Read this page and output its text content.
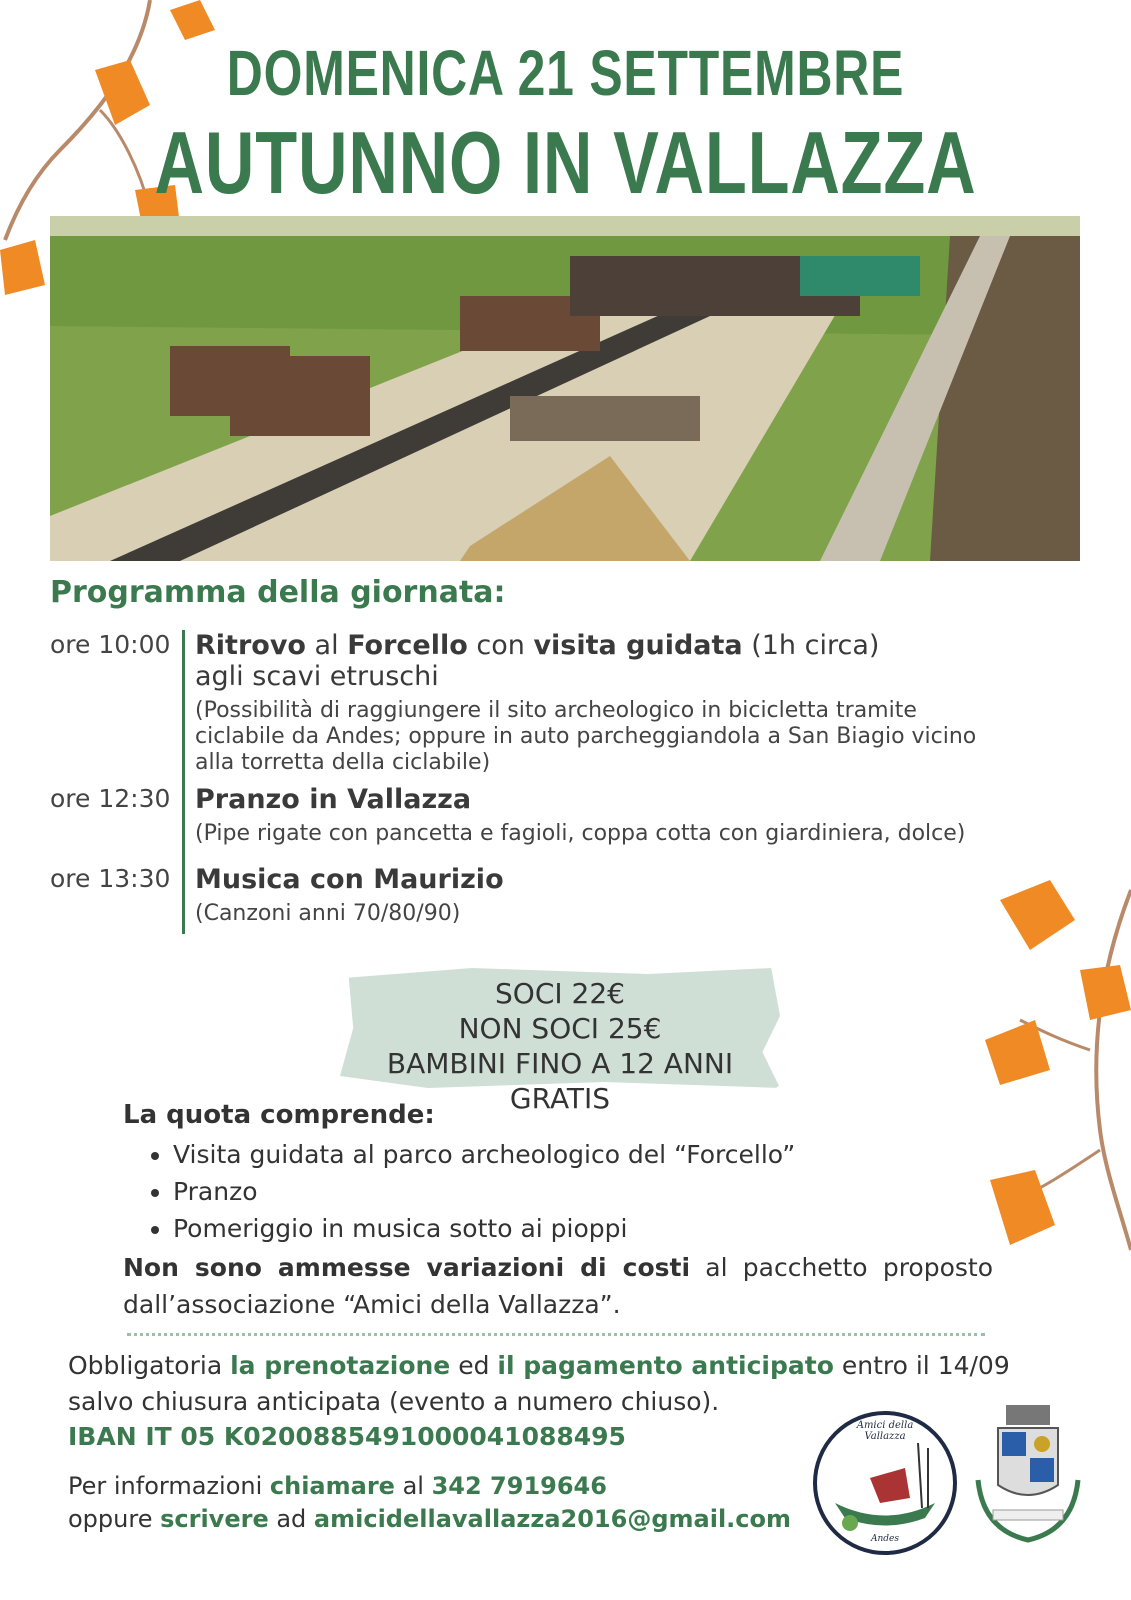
DOMENICA 21 SETTEMBRE
AUTUNNO IN VALLAZZA
Programma della giornata:
ore 10:00 Ritrovo al Forcello con visita guidata (1h circa)
agli scavi etruschi
(Possibilità di raggiungere il sito archeologico in bicicletta tramite ciclabile da Andes; oppure in auto parcheggiandola a San Biagio vicino alla torretta della ciclabile)
ore 12:30 Pranzo in Vallazza
(Pipe rigate con pancetta e fagioli, coppa cotta con giardiniera, dolce)
ore 13:30 Musica con Maurizio
(Canzoni anni 70/80/90)
SOCI 22€
NON SOCI 25€
BAMBINI FINO A 12 ANNI GRATIS
La quota comprende:
• Visita guidata al parco archeologico del “Forcello”
• Pranzo
• Pomeriggio in musica sotto ai pioppi
Non sono ammesse variazioni di costi al pacchetto proposto dall’associazione “Amici della Vallazza”.
Obbligatoria la prenotazione ed il pagamento anticipato entro il 14/09 salvo chiusura anticipata (evento a numero chiuso).
IBAN IT 05 K0200885491000041088495
Per informazioni chiamare al 342 7919646
oppure scrivere ad amicidellavallazza2016@gmail.com
Amici della Vallazza
Andes
